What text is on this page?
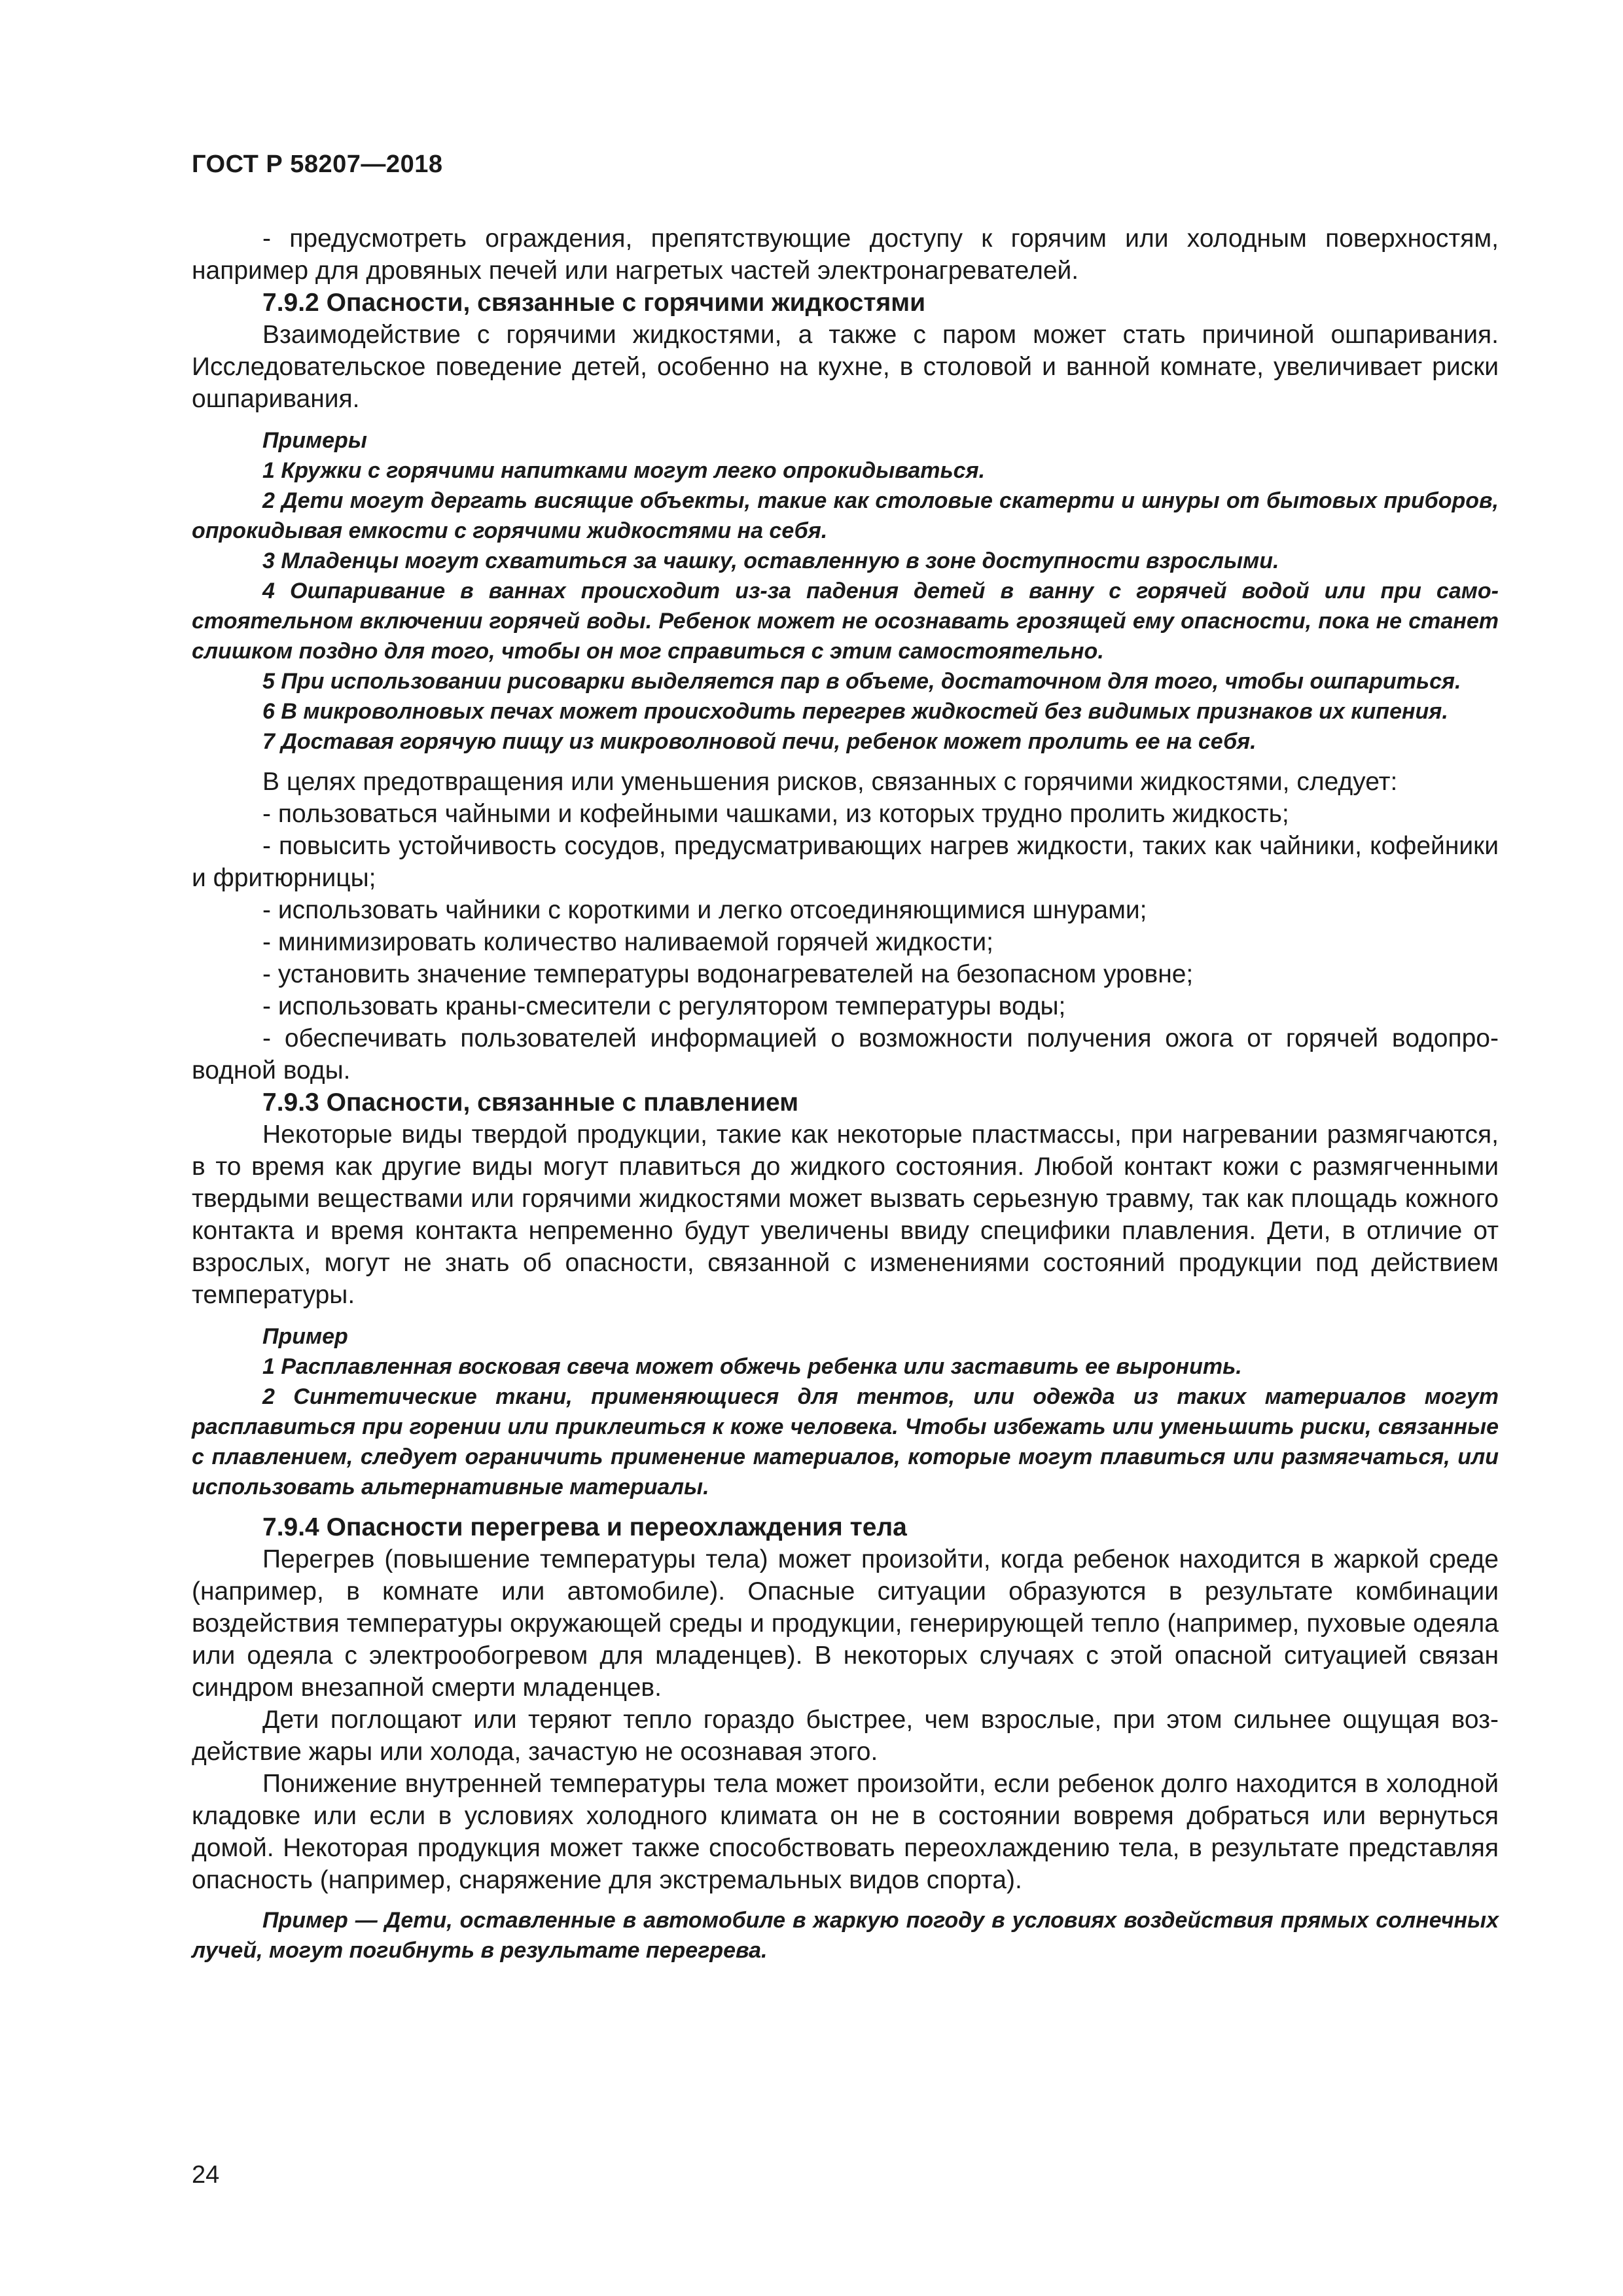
ГОСТ Р 58207—2018

- предусмотреть ограждения, препятствующие доступу к горячим или холодным поверхностям, например для дровяных печей или нагретых частей электронагревателей.

7.9.2 Опасности, связанные с горячими жидкостями

Взаимодействие с горячими жидкостями, а также с паром может стать причиной ошпаривания. Исследовательское поведение детей, особенно на кухне, в столовой и ванной комнате, увеличивает риски ошпаривания.

Примеры

1 Кружки с горячими напитками могут легко опрокидываться.

2 Дети могут дергать висящие объекты, такие как столовые скатерти и шнуры от бытовых приборов, опрокидывая емкости с горячими жидкостями на себя.

3 Младенцы могут схватиться за чашку, оставленную в зоне доступности взрослыми.

4 Ошпаривание в ваннах происходит из-за падения детей в ванну с горячей водой или при самостоятельном включении горячей воды. Ребенок может не осознавать грозящей ему опасности, пока не станет слишком поздно для того, чтобы он мог справиться с этим самостоятельно.

5 При использовании рисоварки выделяется пар в объеме, достаточном для того, чтобы ошпариться.

6 В микроволновых печах может происходить перегрев жидкостей без видимых признаков их кипения.

7 Доставая горячую пищу из микроволновой печи, ребенок может пролить ее на себя.

В целях предотвращения или уменьшения рисков, связанных с горячими жидкостями, следует:

- пользоваться чайными и кофейными чашками, из которых трудно пролить жидкость;

- повысить устойчивость сосудов, предусматривающих нагрев жидкости, таких как чайники, кофейники и фритюрницы;

- использовать чайники с короткими и легко отсоединяющимися шнурами;

- минимизировать количество наливаемой горячей жидкости;

- установить значение температуры водонагревателей на безопасном уровне;

- использовать краны-смесители с регулятором температуры воды;

- обеспечивать пользователей информацией о возможности получения ожога от горячей водопроводной воды.

7.9.3 Опасности, связанные с плавлением

Некоторые виды твердой продукции, такие как некоторые пластмассы, при нагревании размягчаются, в то время как другие виды могут плавиться до жидкого состояния. Любой контакт кожи с размягченными твердыми веществами или горячими жидкостями может вызвать серьезную травму, так как площадь кожного контакта и время контакта непременно будут увеличены ввиду специфики плавления. Дети, в отличие от взрослых, могут не знать об опасности, связанной с изменениями состояний продукции под действием температуры.

Пример

1 Расплавленная восковая свеча может обжечь ребенка или заставить ее выронить.

2 Синтетические ткани, применяющиеся для тентов, или одежда из таких материалов могут расплавиться при горении или приклеиться к коже человека. Чтобы избежать или уменьшить риски, связанные с плавлением, следует ограничить применение материалов, которые могут плавиться или размягчаться, или использовать альтернативные материалы.

7.9.4 Опасности перегрева и переохлаждения тела

Перегрев (повышение температуры тела) может произойти, когда ребенок находится в жаркой среде (например, в комнате или автомобиле). Опасные ситуации образуются в результате комбинации воздействия температуры окружающей среды и продукции, генерирующей тепло (например, пуховые одеяла или одеяла с электрообогревом для младенцев). В некоторых случаях с этой опасной ситуацией связан синдром внезапной смерти младенцев.

Дети поглощают или теряют тепло гораздо быстрее, чем взрослые, при этом сильнее ощущая воздействие жары или холода, зачастую не осознавая этого.

Понижение внутренней температуры тела может произойти, если ребенок долго находится в холодной кладовке или если в условиях холодного климата он не в состоянии вовремя добраться или вернуться домой. Некоторая продукция может также способствовать переохлаждению тела, в результате представляя опасность (например, снаряжение для экстремальных видов спорта).

Пример — Дети, оставленные в автомобиле в жаркую погоду в условиях воздействия прямых солнечных лучей, могут погибнуть в результате перегрева.

24
